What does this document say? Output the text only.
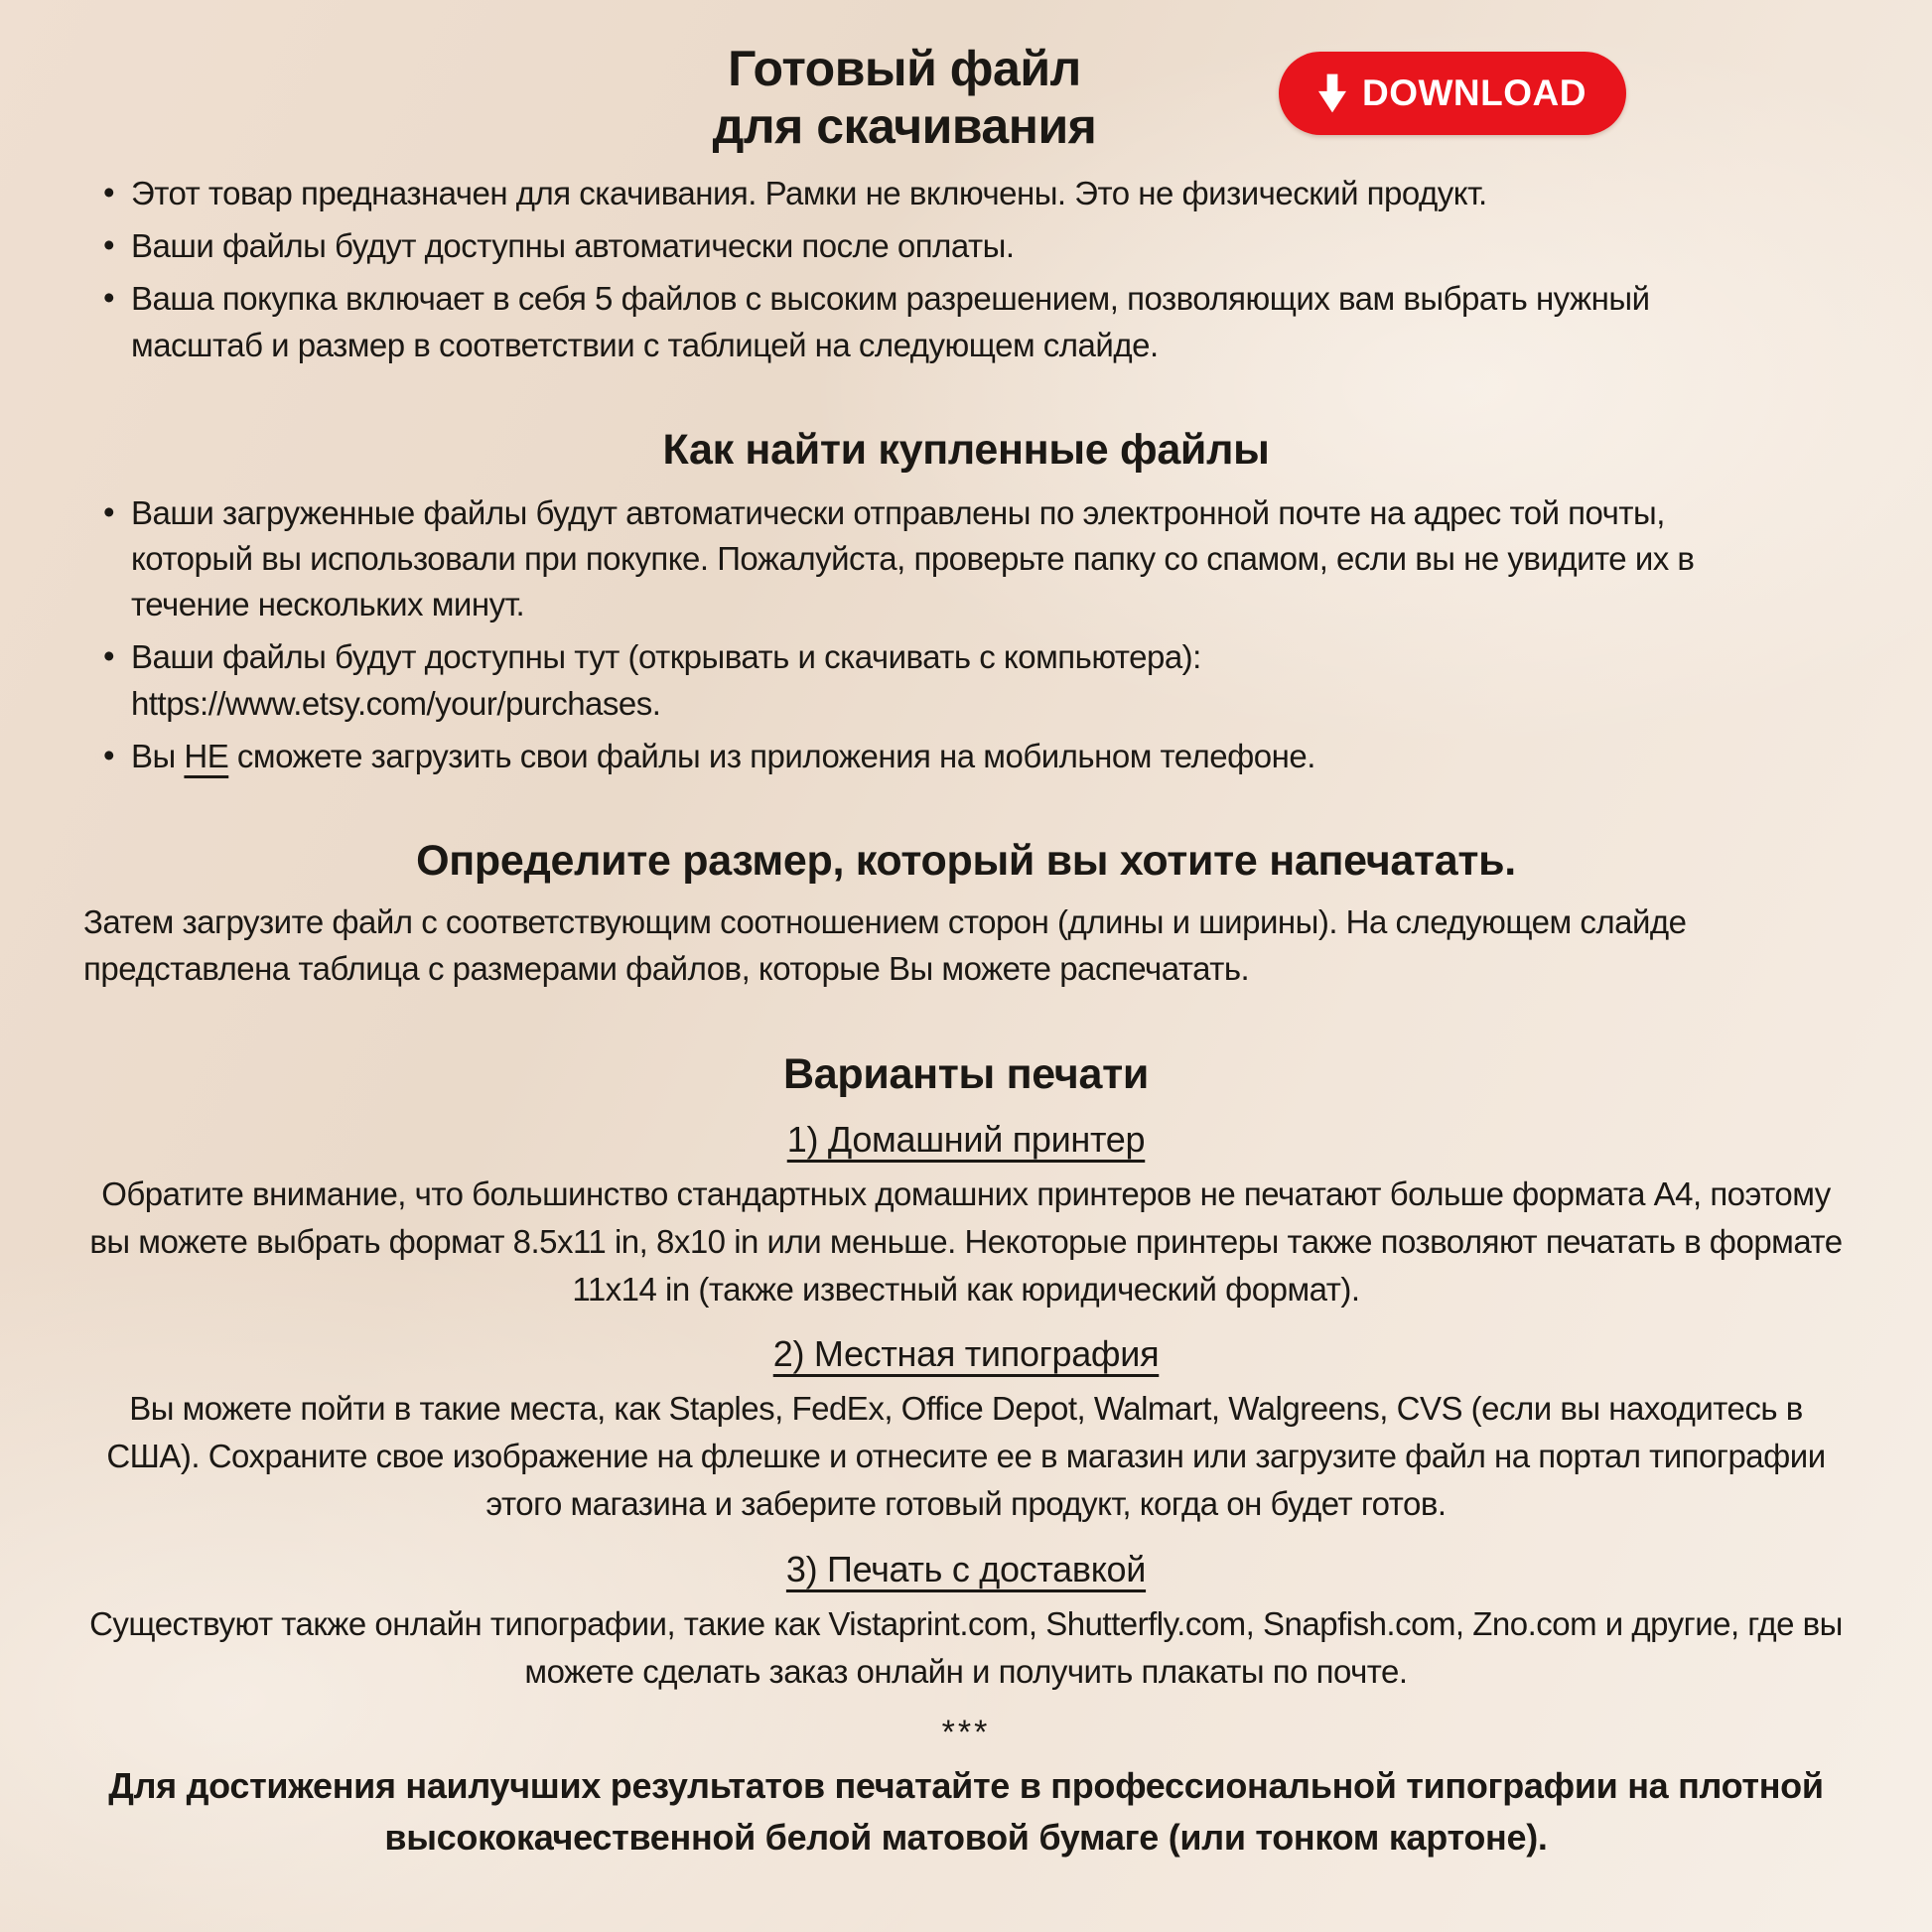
Готовый файл
для скачивания
DOWNLOAD
• Этот товар предназначен для скачивания. Рамки не включены. Это не физический продукт.
• Ваши файлы будут доступны автоматически после оплаты.
• Ваша покупка включает в себя 5 файлов с высоким разрешением, позволяющих вам выбрать нужный масштаб и размер в соответствии с таблицей на следующем слайде.
Как найти купленные файлы
• Ваши загруженные файлы будут автоматически отправлены по электронной почте на адрес той почты, который вы использовали при покупке. Пожалуйста, проверьте папку со спамом, если вы не увидите их в течение нескольких минут.
• Ваши файлы будут доступны тут (открывать и скачивать с компьютера): https://www.etsy.com/your/purchases.
• Вы НЕ сможете загрузить свои файлы из приложения на мобильном телефоне.
Определите размер, который вы хотите напечатать.

Затем загрузите файл с соответствующим соотношением сторон (длины и ширины). На следующем слайде представлена таблица с размерами файлов, которые Вы можете распечатать.

Варианты печати
1) Домашний принтер

Обратите внимание, что большинство стандартных домашних принтеров не печатают больше формата А4, поэтому вы можете выбрать формат 8.5x11 in, 8x10 in или меньше. Некоторые принтеры также позволяют печатать в формате 11x14 in (также известный как юридический формат).

2) Местная типография

Вы можете пойти в такие места, как Staples, FedEx, Office Depot, Walmart, Walgreens, CVS (если вы находитесь в США). Сохраните свое изображение на флешке и отнесите ее в магазин или загрузите файл на портал типографии этого магазина и заберите готовый продукт, когда он будет готов.

3) Печать с доставкой

Существуют также онлайн типографии, такие как Vistaprint.com, Shutterfly.com, Snapfish.com, Zno.com и другие, где вы можете сделать заказ онлайн и получить плакаты по почте.

***

Для достижения наилучших результатов печатайте в профессиональной типографии на плотной высококачественной белой матовой бумаге (или тонком картоне).
